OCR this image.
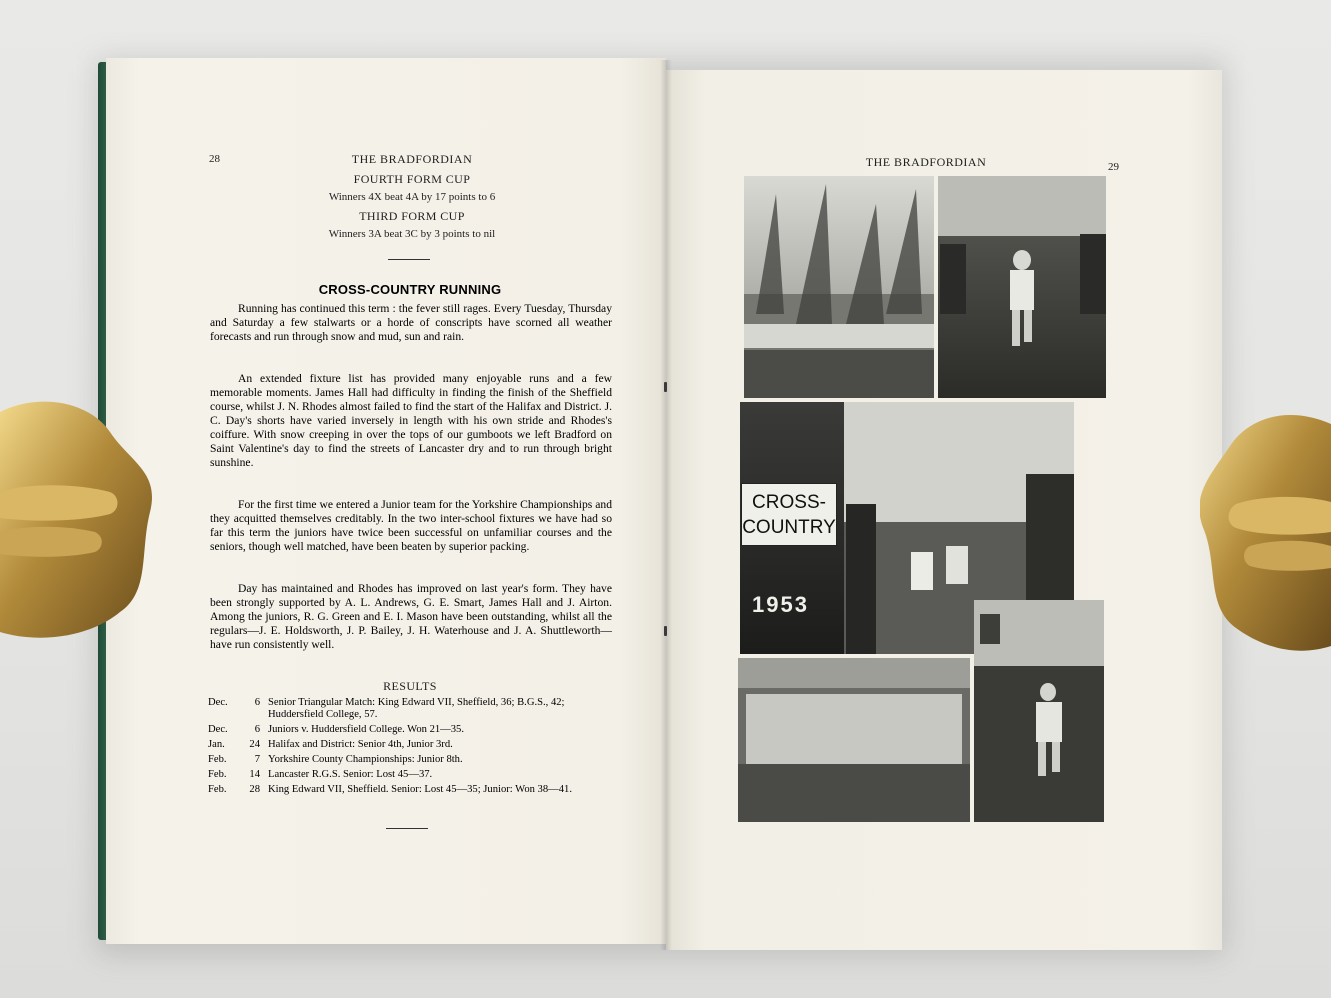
28	THE BRADFORDIAN
FOURTH FORM CUP
Winners 4X beat 4A by 17 points to 6
THIRD FORM CUP
Winners 3A beat 3C by 3 points to nil
CROSS-COUNTRY RUNNING
Running has continued this term : the fever still rages. Every Tuesday, Thursday and Saturday a few stalwarts or a horde of conscripts have scorned all weather forecasts and run through snow and mud, sun and rain.
An extended fixture list has provided many enjoyable runs and a few memorable moments. James Hall had difficulty in finding the finish of the Sheffield course, whilst J. N. Rhodes almost failed to find the start of the Halifax and District. J. C. Day's shorts have varied inversely in length with his own stride and Rhodes's coiffure. With snow creeping in over the tops of our gumboots we left Bradford on Saint Valentine's day to find the streets of Lancaster dry and to run through bright sunshine.
For the first time we entered a Junior team for the Yorkshire Championships and they acquitted themselves creditably. In the two inter-school fixtures we have had so far this term the juniors have twice been successful on unfamiliar courses and the seniors, though well matched, have been beaten by superior packing.
Day has maintained and Rhodes has improved on last year's form. They have been strongly supported by A. L. Andrews, G. E. Smart, James Hall and J. Airton. Among the juniors, R. G. Green and E. I. Mason have been outstanding, whilst all the regulars—J. E. Holdsworth, J. P. Bailey, J. H. Waterhouse and J. A. Shuttleworth—have run consistently well.
RESULTS
Dec.	6 Senior Triangular Match: King Edward VII, Sheffield, 36; B.G.S., 42; Huddersfield College, 57.
Dec.	6 Juniors v. Huddersfield College. Won 21—35.
Jan.	24 Halifax and District: Senior 4th, Junior 3rd.
Feb.	7 Yorkshire County Championships: Junior 8th.
Feb.	14 Lancaster R.G.S. Senior: Lost 45—37.
Feb.	28 King Edward VII, Sheffield. Senior: Lost 45—35; Junior: Won 38—41.
THE BRADFORDIAN	29
CROSS-COUNTRY
1953
